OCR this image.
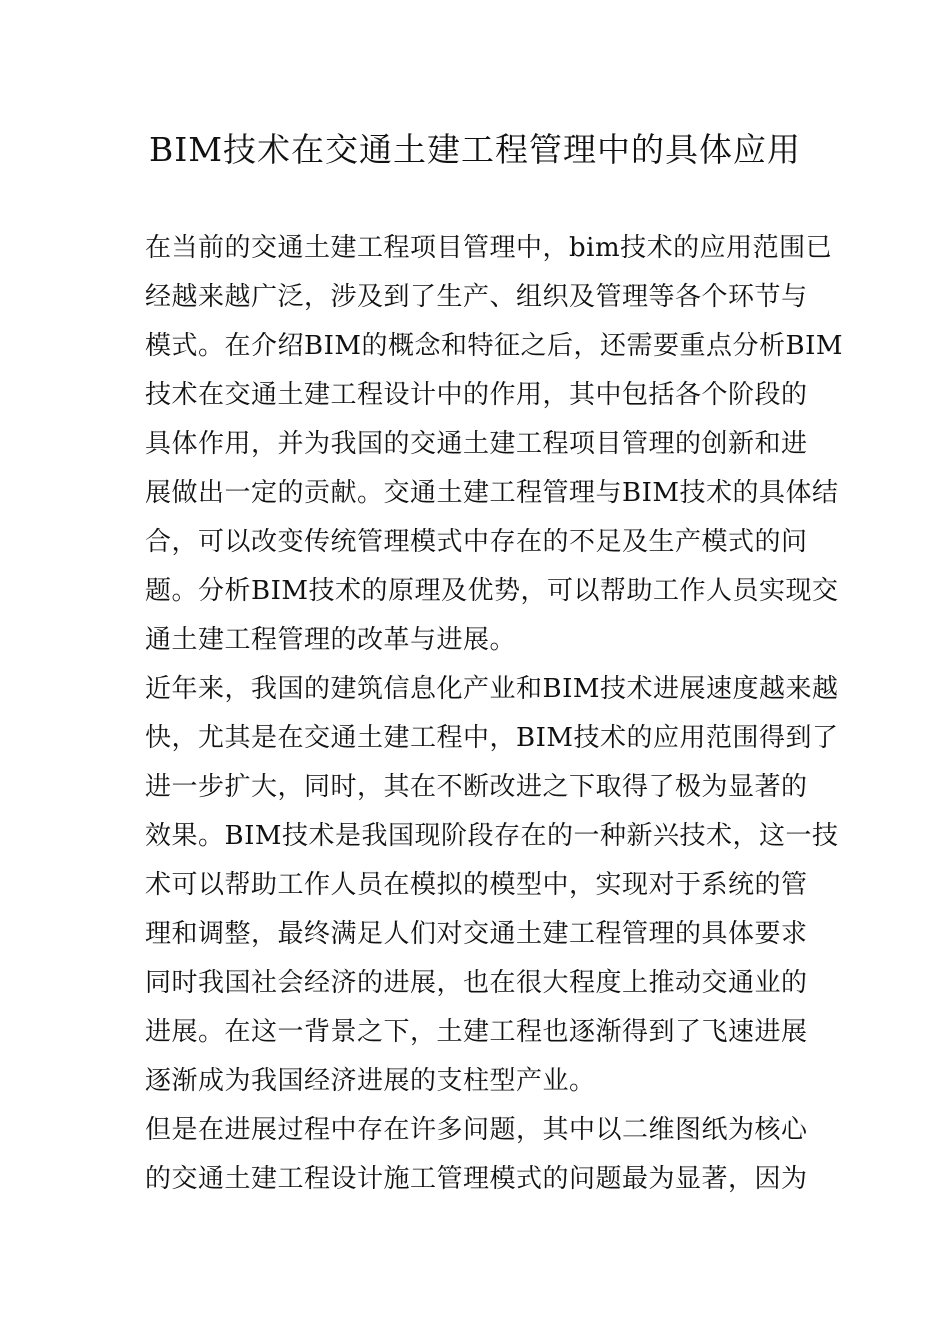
BIM技术在交通土建工程管理中的具体应用
在当前的交通土建工程项目管理中，bim技术的应用范围已
经越来越广泛，涉及到了生产、组织及管理等各个环节与
模式。在介绍BIM的概念和特征之后，还需要重点分析BIM
技术在交通土建工程设计中的作用，其中包括各个阶段的
具体作用，并为我国的交通土建工程项目管理的创新和进
展做出一定的贡献。交通土建工程管理与BIM技术的具体结
合，可以改变传统管理模式中存在的不足及生产模式的问
题。分析BIM技术的原理及优势，可以帮助工作人员实现交
通土建工程管理的改革与进展。
近年来，我国的建筑信息化产业和BIM技术进展速度越来越
快，尤其是在交通土建工程中，BIM技术的应用范围得到了
进一步扩大，同时，其在不断改进之下取得了极为显著的
效果。BIM技术是我国现阶段存在的一种新兴技术，这一技
术可以帮助工作人员在模拟的模型中，实现对于系统的管
理和调整，最终满足人们对交通土建工程管理的具体要求
同时我国社会经济的进展，也在很大程度上推动交通业的
进展。在这一背景之下，土建工程也逐渐得到了飞速进展
逐渐成为我国经济进展的支柱型产业。
但是在进展过程中存在许多问题，其中以二维图纸为核心
的交通土建工程设计施工管理模式的问题最为显著，因为
